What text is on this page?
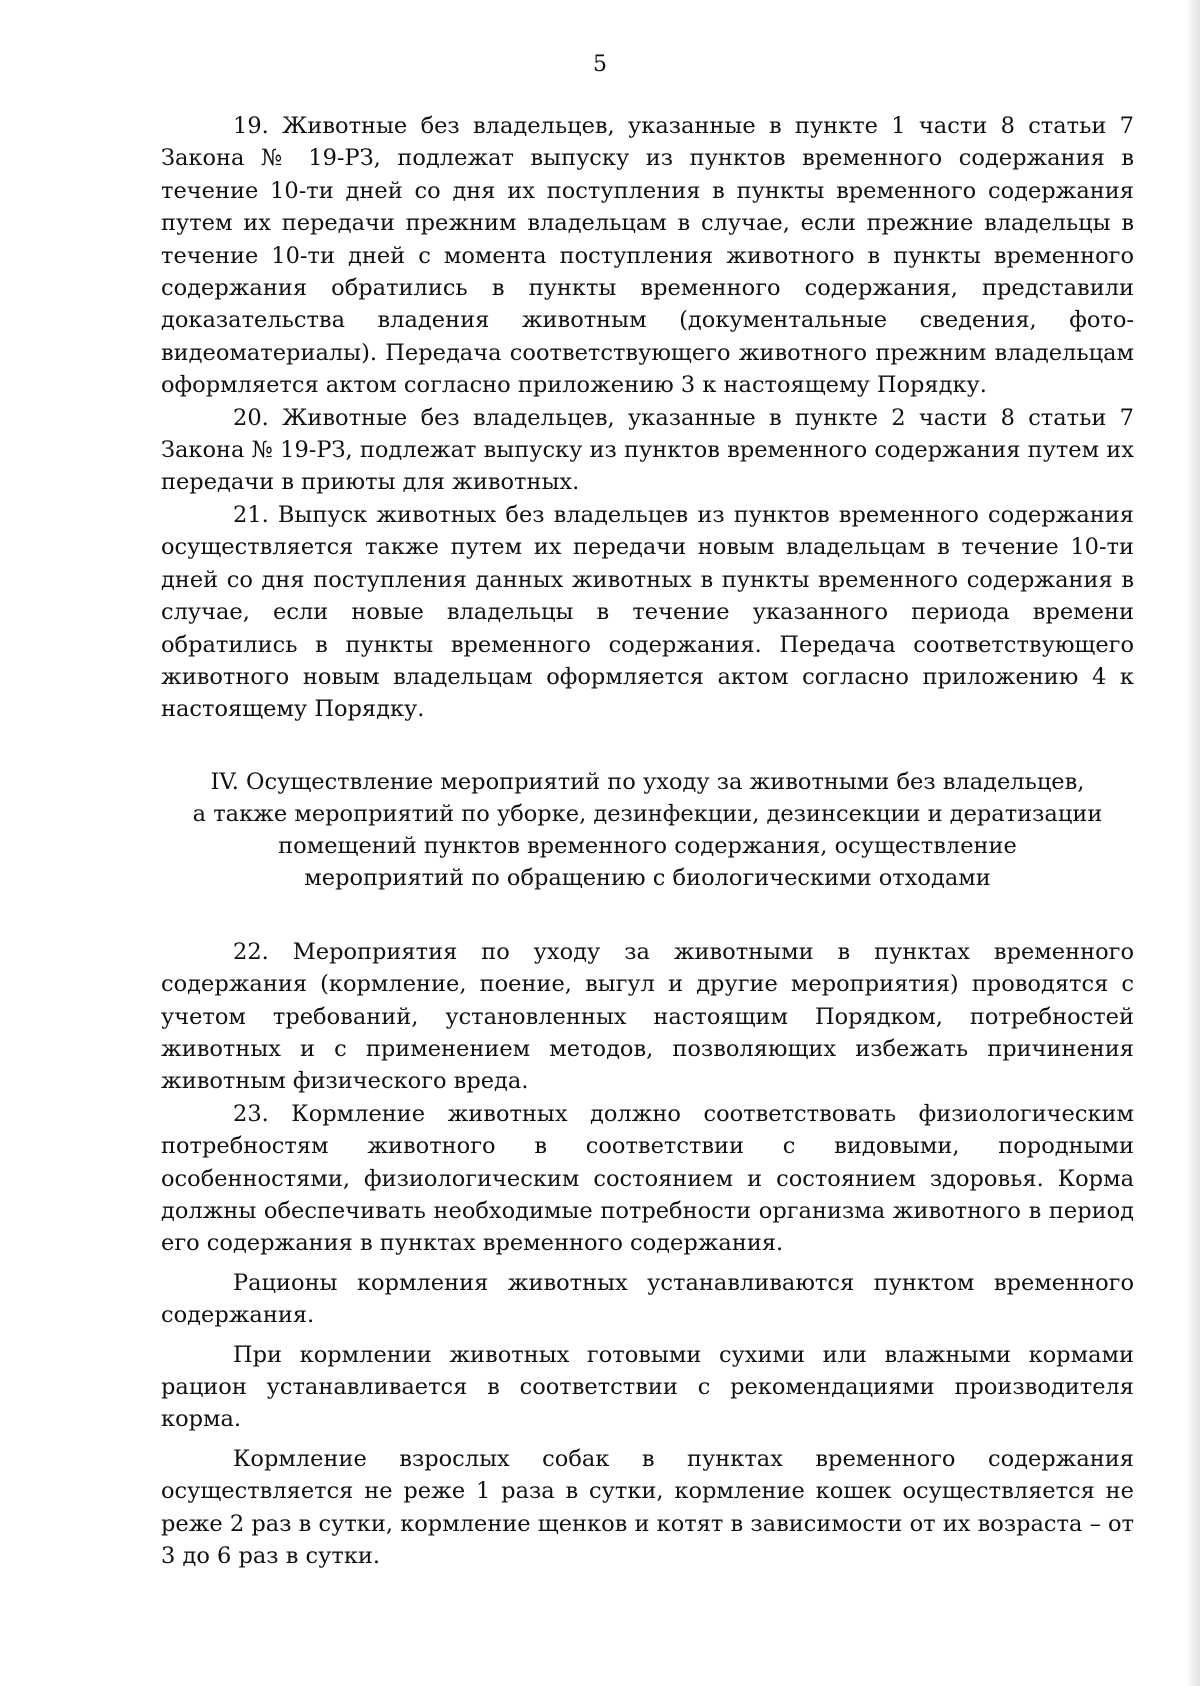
5

19. Животные без владельцев, указанные в пункте 1 части 8 статьи 7 Закона № 19-РЗ, подлежат выпуску из пунктов временного содержания в течение 10-ти дней со дня их поступления в пункты временного содержания путем их передачи прежним владельцам в случае, если прежние владельцы в течение 10-ти дней с момента поступления животного в пункты временного содержания обратились в пункты временного содержания, представили доказательства владения животным (документальные сведения, фото-видеоматериалы). Передача соответствующего животного прежним владельцам оформляется актом согласно приложению 3 к настоящему Порядку.

20. Животные без владельцев, указанные в пункте 2 части 8 статьи 7 Закона № 19-РЗ, подлежат выпуску из пунктов временного содержания путем их передачи в приюты для животных.

21. Выпуск животных без владельцев из пунктов временного содержания осуществляется также путем их передачи новым владельцам в течение 10-ти дней со дня поступления данных животных в пункты временного содержания в случае, если новые владельцы в течение указанного периода времени обратились в пункты временного содержания. Передача соответствующего животного новым владельцам оформляется актом согласно приложению 4 к настоящему Порядку.

IV. Осуществление мероприятий по уходу за животными без владельцев,
а также мероприятий по уборке, дезинфекции, дезинсекции и дератизации
помещений пунктов временного содержания, осуществление
мероприятий по обращению с биологическими отходами

22. Мероприятия по уходу за животными в пунктах временного содержания (кормление, поение, выгул и другие мероприятия) проводятся с учетом требований, установленных настоящим Порядком, потребностей животных и с применением методов, позволяющих избежать причинения животным физического вреда.

23. Кормление животных должно соответствовать физиологическим потребностям животного в соответствии с видовыми, породными особенностями, физиологическим состоянием и состоянием здоровья. Корма должны обеспечивать необходимые потребности организма животного в период его содержания в пунктах временного содержания.

Рационы кормления животных устанавливаются пунктом временного содержания.

При кормлении животных готовыми сухими или влажными кормами рацион устанавливается в соответствии с рекомендациями производителя корма.

Кормление взрослых собак в пунктах временного содержания осуществляется не реже 1 раза в сутки, кормление кошек осуществляется не реже 2 раз в сутки, кормление щенков и котят в зависимости от их возраста – от 3 до 6 раз в сутки.
